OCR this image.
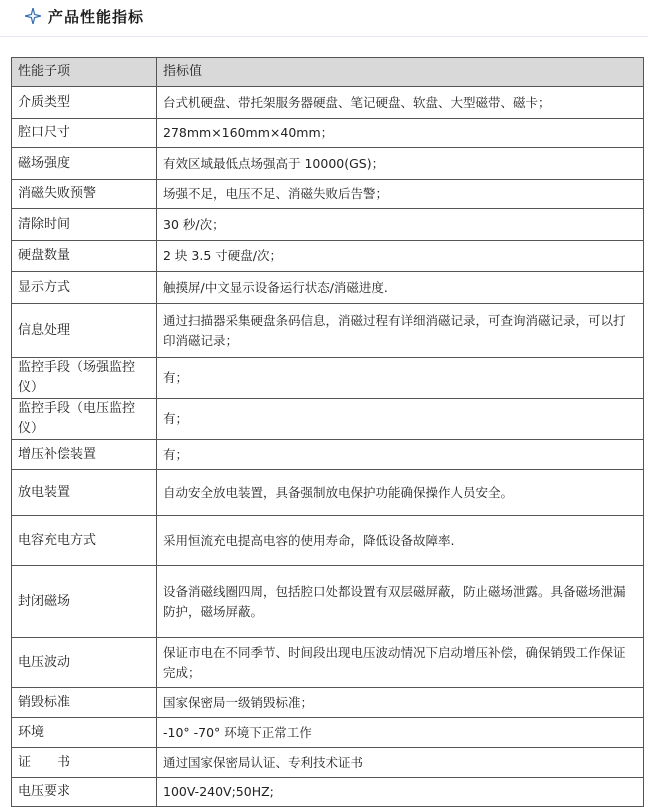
产品性能指标
性能子项	指标值
介质类型	台式机硬盘、带托架服务器硬盘、笔记硬盘、软盘、大型磁带、磁卡；
腔口尺寸	278mm×160mm×40mm；
磁场强度	有效区域最低点场强高于 10000(GS)；
消磁失败预警	场强不足，电压不足、消磁失败后告警；
清除时间	30 秒/次；
硬盘数量	2 块 3.5 寸硬盘/次；
显示方式	触摸屏/中文显示设备运行状态/消磁进度.
信息处理	通过扫描器采集硬盘条码信息，消磁过程有详细消磁记录，可查询消磁记录，可以打印消磁记录；
监控手段（场强监控仪）	有；
监控手段（电压监控仪）	有；
增压补偿装置	有；
放电装置	自动安全放电装置，具备强制放电保护功能确保操作人员安全。
电容充电方式	采用恒流充电提高电容的使用寿命，降低设备故障率.
封闭磁场	设备消磁线圈四周，包括腔口处都设置有双层磁屏蔽，防止磁场泄露。具备磁场泄漏防护，磁场屏蔽。
电压波动	保证市电在不同季节、时间段出现电压波动情况下启动增压补偿，确保销毁工作保证完成；
销毁标准	国家保密局一级销毁标准；
环境	-10° -70° 环境下正常工作
证　　书	通过国家保密局认证、专利技术证书
电压要求	100V-240V;50HZ;
